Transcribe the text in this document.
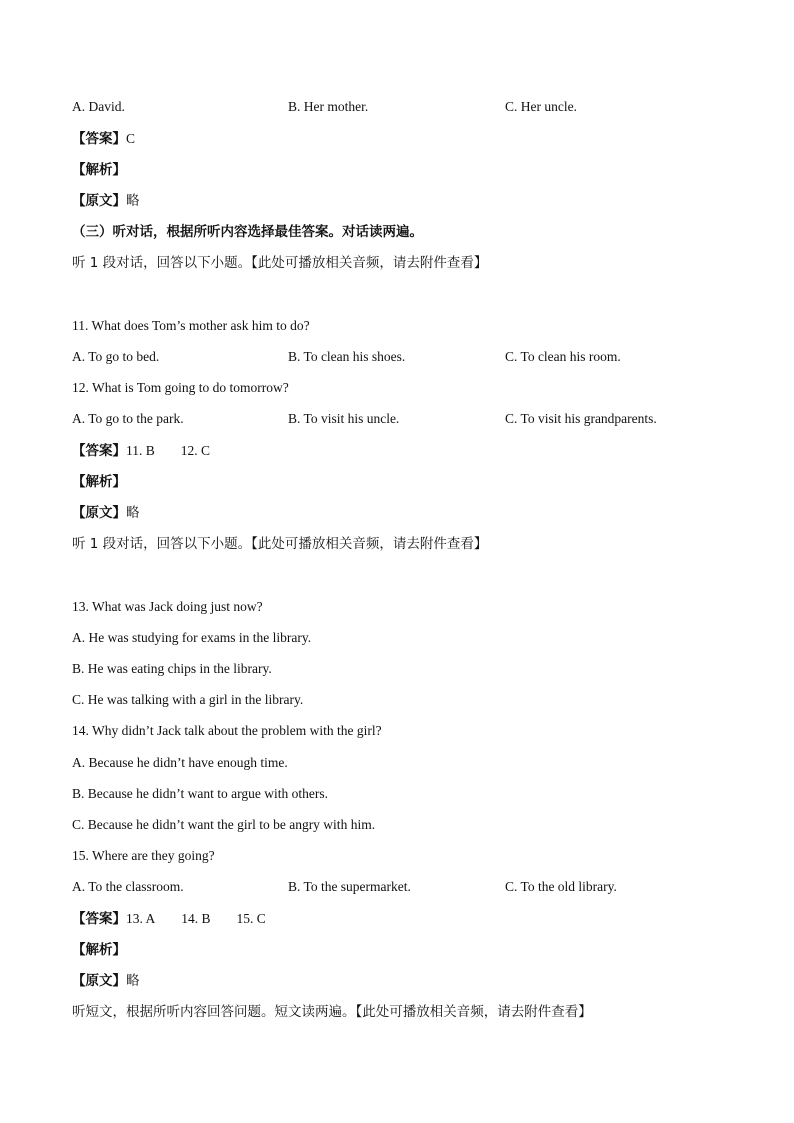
A. David.	B. Her mother.	C. Her uncle.
【答案】C
【解析】
【原文】略
（三）听对话，根据所听内容选择最佳答案。对话读两遍。
听 1 段对话，回答以下小题。【此处可播放相关音频，请去附件查看】
11. What does Tom’s mother ask him to do?
A. To go to bed.	B. To clean his shoes.	C. To clean his room.
12. What is Tom going to do tomorrow?
A. To go to the park.	B. To visit his uncle.	C. To visit his grandparents.
【答案】11. B 12. C
【解析】
【原文】略
听 1 段对话，回答以下小题。【此处可播放相关音频，请去附件查看】
13. What was Jack doing just now?
A. He was studying for exams in the library.
B. He was eating chips in the library.
C. He was talking with a girl in the library.
14. Why didn’t Jack talk about the problem with the girl?
A. Because he didn’t have enough time.
B. Because he didn’t want to argue with others.
C. Because he didn’t want the girl to be angry with him.
15. Where are they going?
A. To the classroom.	B. To the supermarket.	C. To the old library.
【答案】13. A 14. B 15. C
【解析】
【原文】略
听短文，根据所听内容回答问题。短文读两遍。【此处可播放相关音频，请去附件查看】
